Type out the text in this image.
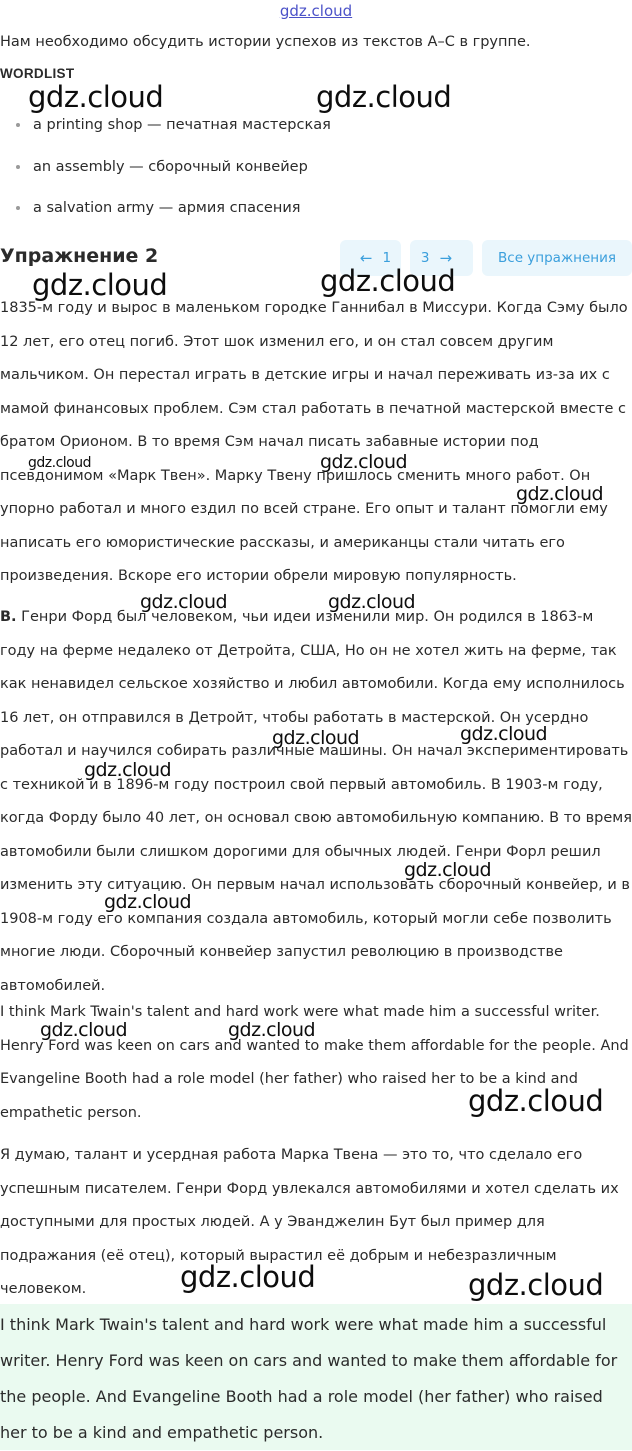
gdz.cloud
Нам необходимо обсудить истории успехов из текстов A–C в группе.
WORDLIST
a printing shop — печатная мастерская
an assembly — сборочный конвейер
a salvation army — армия спасения
Упражнение 2	← 1 3 →	Все упражнения

1835-м году и вырос в маленьком городке Ганнибал в Миссури. Когда Сэму было 12 лет, его отец погиб. Этот шок изменил его, и он стал совсем другим мальчиком. Он перестал играть в детские игры и начал переживать из-за их с мамой финансовых проблем. Сэм стал работать в печатной мастерской вместе с братом Орионом. В то время Сэм начал писать забавные истории под псевдонимом «Марк Твен». Марку Твену пришлось сменить много работ. Он упорно работал и много ездил по всей стране. Его опыт и талант помогли ему написать его юмористические рассказы, и американцы стали читать его произведения. Вскоре его истории обрели мировую популярность.

B. Генри Форд был человеком, чьи идеи изменили мир. Он родился в 1863-м году на ферме недалеко от Детройта, США, Но он не хотел жить на ферме, так как ненавидел сельское хозяйство и любил автомобили. Когда ему исполнилось 16 лет, он отправился в Детройт, чтобы работать в мастерской. Он усердно работал и научился собирать различные машины. Он начал экспериментировать с техникой и в 1896-м году построил свой первый автомобиль. В 1903-м году, когда Форду было 40 лет, он основал свою автомобильную компанию. В то время автомобили были слишком дорогими для обычных людей. Генри Форл решил изменить эту ситуацию. Он первым начал использовать сборочный конвейер, и в 1908-м году его компания создала автомобиль, который могли себе позволить многие люди. Сборочный конвейер запустил революцию в производстве автомобилей.

I think Mark Twain's talent and hard work were what made him a successful writer. Henry Ford was keen on cars and wanted to make them affordable for the people. And Evangeline Booth had a role model (her father) who raised her to be a kind and empathetic person.

Я думаю, талант и усердная работа Марка Твена — это то, что сделало его успешным писателем. Генри Форд увлекался автомобилями и хотел сделать их доступными для простых людей. А у Эванджелин Бут был пример для подражания (её отец), который вырастил её добрым и небезразличным человеком.

I think Mark Twain's talent and hard work were what made him a successful writer. Henry Ford was keen on cars and wanted to make them affordable for the people. And Evangeline Booth had a role model (her father) who raised her to be a kind and empathetic person.

gdz.cloud	gdz.cloud
gdz.cloud	gdz.cloud
gdz.cloud	gdz.cloud
gdz.cloud
gdz.cloud	gdz.cloud
gdz.cloud	gdz.cloud
gdz.cloud
gdz.cloud
gdz.cloud
gdz.cloud	gdz.cloud
gdz.cloud
gdz.cloud	gdz.cloud
